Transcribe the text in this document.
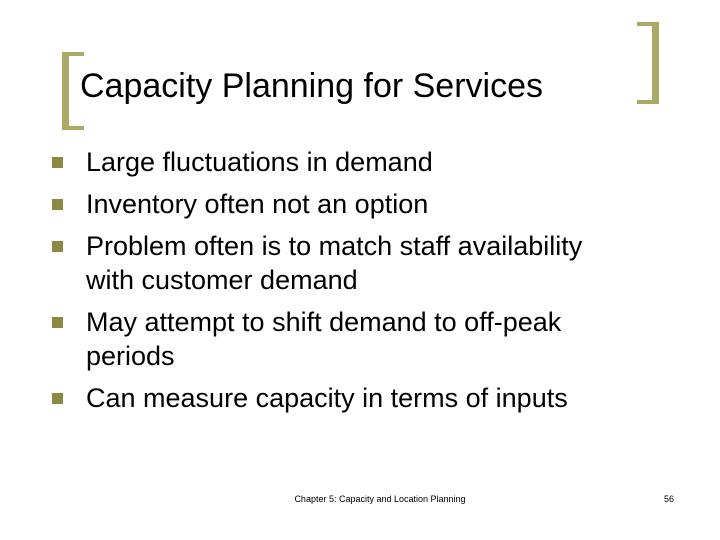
Capacity Planning for Services
Large fluctuations in demand
Inventory often not an option
Problem often is to match staff availability
with customer demand
May attempt to shift demand to off-peak
periods
Can measure capacity in terms of inputs
Chapter 5: Capacity and Location Planning	56
